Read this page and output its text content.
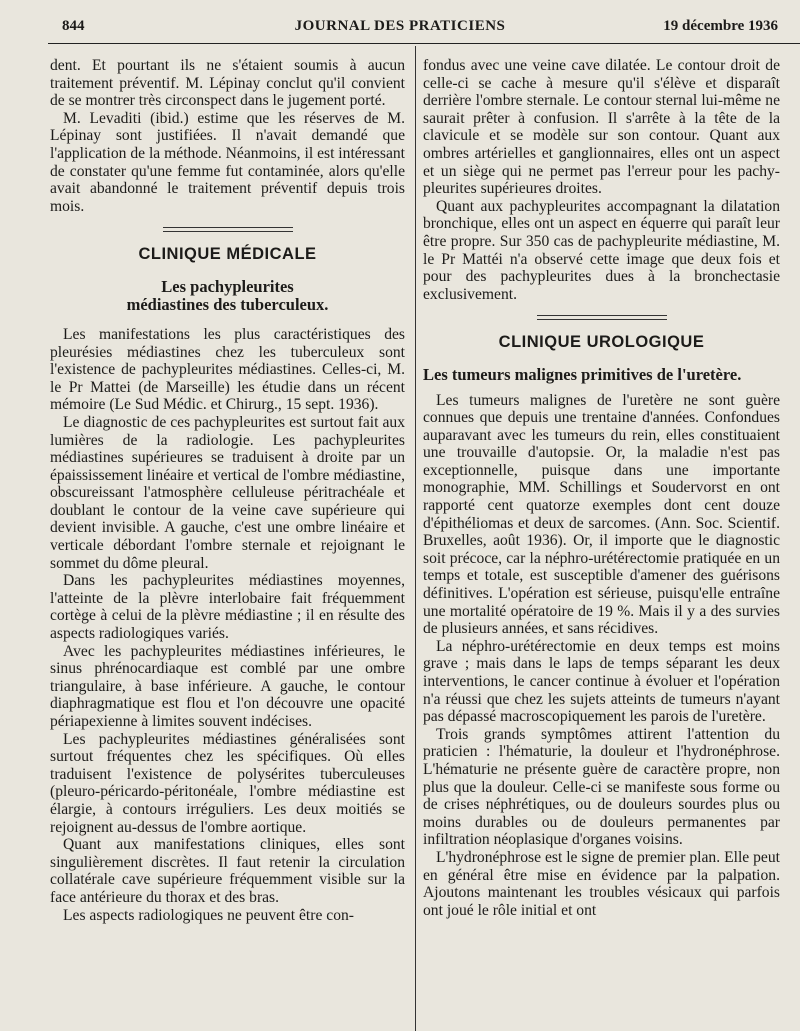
JOURNAL DES PRATICIENS
844	19 décembre 1936

dent. Et pourtant ils ne s'étaient soumis à aucun traitement préventif. M. Lépinay conclut qu'il convient de se montrer très circonspect dans le jugement porté.

M. Levaditi (ibid.) estime que les réserves de M. Lépinay sont justifiées. Il n'avait demandé que l'application de la méthode. Néanmoins, il est intéressant de constater qu'une femme fut contaminée, alors qu'elle avait abandonné le traitement préventif depuis trois mois.

CLINIQUE MÉDICALE
Les pachypleurites
médiastines des tuberculeux.

Les manifestations les plus caractéristiques des pleurésies médiastines chez les tuberculeux sont l'existence de pachypleurites médiastines. Celles-ci, M. le Pr Mattei (de Marseille) les étudie dans un récent mémoire (Le Sud Médic. et Chirurg., 15 sept. 1936).

Le diagnostic de ces pachypleurites est surtout fait aux lumières de la radiologie. Les pachypleurites médiastines supérieures se traduisent à droite par un épaississement linéaire et vertical de l'ombre médiastine, obscureissant l'atmosphère celluleuse péritrachéale et doublant le contour de la veine cave supérieure qui devient invisible. A gauche, c'est une ombre linéaire et verticale débordant l'ombre sternale et rejoignant le sommet du dôme pleural.

Dans les pachypleurites médiastines moyennes, l'atteinte de la plèvre interlobaire fait fréquemment cortège à celui de la plèvre médiastine ; il en résulte des aspects radiologiques variés.

Avec les pachypleurites médiastines inférieures, le sinus phrénocardiaque est comblé par une ombre triangulaire, à base inférieure. A gauche, le contour diaphragmatique est flou et l'on découvre une opacité périapexienne à limites souvent indécises.

Les pachypleurites médiastines généralisées sont surtout fréquentes chez les spécifiques. Où elles traduisent l'existence de polysérites tuberculeuses (pleuro-péricardo-péritonéale, l'ombre médiastine est élargie, à contours irréguliers. Les deux moitiés se rejoignent au-dessus de l'ombre aortique.

Quant aux manifestations cliniques, elles sont singulièrement discrètes. Il faut retenir la circulation collatérale cave supérieure fréquemment visible sur la face antérieure du thorax et des bras.

Les aspects radiologiques ne peuvent être con-

fondus avec une veine cave dilatée. Le contour droit de celle-ci se cache à mesure qu'il s'élève et disparaît derrière l'ombre sternale. Le contour sternal lui-même ne saurait prêter à confusion. Il s'arrête à la tête de la clavicule et se modèle sur son contour. Quant aux ombres artérielles et ganglionnaires, elles ont un aspect et un siège qui ne permet pas l'erreur pour les pachy-pleurites supérieures droites.

Quant aux pachypleurites accompagnant la dilatation bronchique, elles ont un aspect en équerre qui paraît leur être propre. Sur 350 cas de pachypleurite médiastine, M. le Pr Mattéi n'a observé cette image que deux fois et pour des pachypleurites dues à la bronchectasie exclusivement.

CLINIQUE UROLOGIQUE
Les tumeurs malignes primitives de l'uretère.

Les tumeurs malignes de l'uretère ne sont guère connues que depuis une trentaine d'années. Confondues auparavant avec les tumeurs du rein, elles constituaient une trouvaille d'autopsie. Or, la maladie n'est pas exceptionnelle, puisque dans une importante monographie, MM. Schillings et Soudervorst en ont rapporté cent quatorze exemples dont cent douze d'épithéliomas et deux de sarcomes. (Ann. Soc. Scientif. Bruxelles, août 1936). Or, il importe que le diagnostic soit précoce, car la néphro-urétérectomie pratiquée en un temps et totale, est susceptible d'amener des guérisons définitives. L'opération est sérieuse, puisqu'elle entraîne une mortalité opératoire de 19 %. Mais il y a des survies de plusieurs années, et sans récidives.

La néphro-urétérectomie en deux temps est moins grave ; mais dans le laps de temps séparant les deux interventions, le cancer continue à évoluer et l'opération n'a réussi que chez les sujets atteints de tumeurs n'ayant pas dépassé macroscopiquement les parois de l'uretère.

Trois grands symptômes attirent l'attention du praticien : l'hématurie, la douleur et l'hydronéphrose. L'hématurie ne présente guère de caractère propre, non plus que la douleur. Celle-ci se manifeste sous forme ou de crises néphrétiques, ou de douleurs sourdes plus ou moins durables ou de douleurs permanentes par infiltration néoplasique d'organes voisins.

L'hydronéphrose est le signe de premier plan. Elle peut en général être mise en évidence par la palpation. Ajoutons maintenant les troubles vésicaux qui parfois ont joué le rôle initial et ont
